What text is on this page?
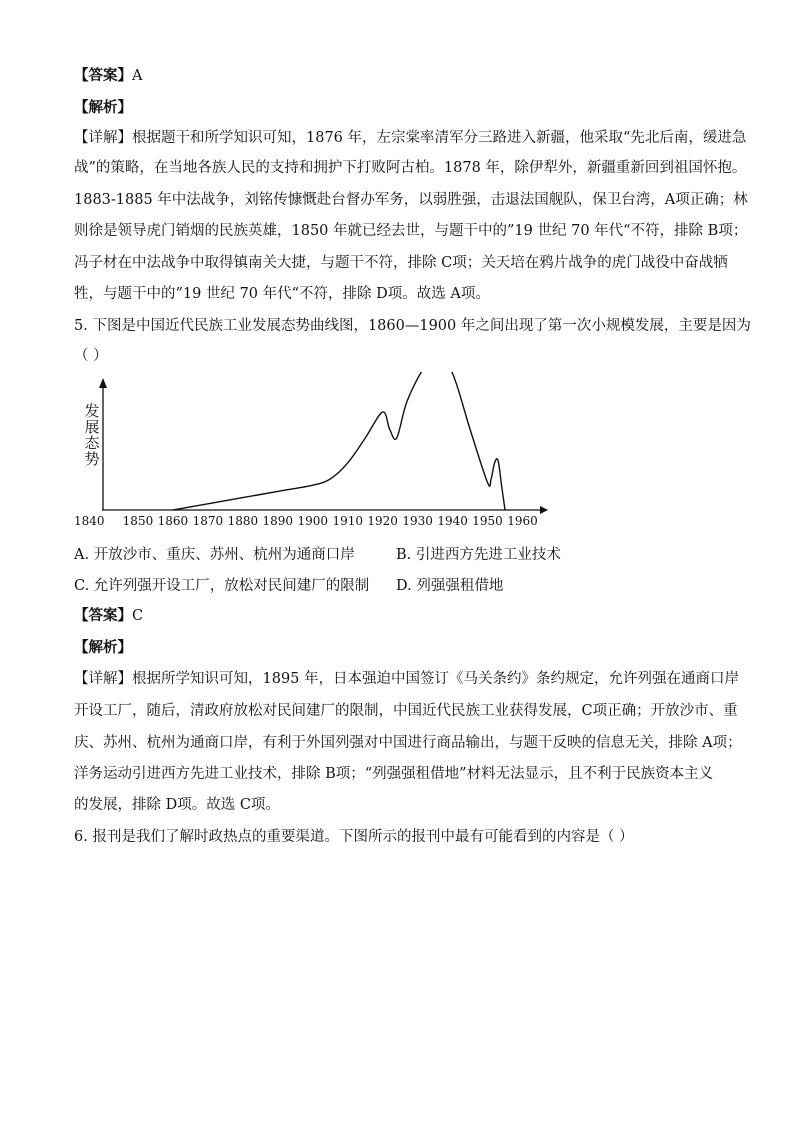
【答案】A
【解析】
【详解】根据题干和所学知识可知，1876 年，左宗棠率清军分三路进入新疆，他采取“先北后南，缓进急
战”的策略，在当地各族人民的支持和拥护下打败阿古柏。1878 年，除伊犁外，新疆重新回到祖国怀抱。
1883-1885 年中法战争，刘铭传慷慨赴台督办军务，以弱胜强，击退法国舰队，保卫台湾，A项正确；林
则徐是领导虎门销烟的民族英雄，1850 年就已经去世，与题干中的”19 世纪 70 年代“不符，排除 B项；
冯子材在中法战争中取得镇南关大捷，与题干不符，排除 C项；关天培在鸦片战争的虎门战役中奋战牺
牲，与题干中的”19 世纪 70 年代“不符，排除 D项。故选 A项。
5. 下图是中国近代民族工业发展态势曲线图，1860—1900 年之间出现了第一次小规模发展，主要是因为
（ ）
发
展
态
势
1840 1850 1860 1870 1880 1890 1900 1910 1920 1930 1940 1950 1960
A. 开放沙市、重庆、苏州、杭州为通商口岸	B. 引进西方先进工业技术
C. 允许列强开设工厂，放松对民间建厂的限制 D. 列强强租借地
【答案】C
【解析】
【详解】根据所学知识可知，1895 年，日本强迫中国签订《马关条约》条约规定，允许列强在通商口岸
开设工厂，随后，清政府放松对民间建厂的限制，中国近代民族工业获得发展，C项正确；开放沙市、重
庆、苏州、杭州为通商口岸，有利于外国列强对中国进行商品输出，与题干反映的信息无关，排除 A项；
洋务运动引进西方先进工业技术，排除 B项；“列强强租借地”材料无法显示，且不利于民族资本主义
的发展，排除 D项。故选 C项。
6. 报刊是我们了解时政热点的重要渠道。下图所示的报刊中最有可能看到的内容是（ ）
